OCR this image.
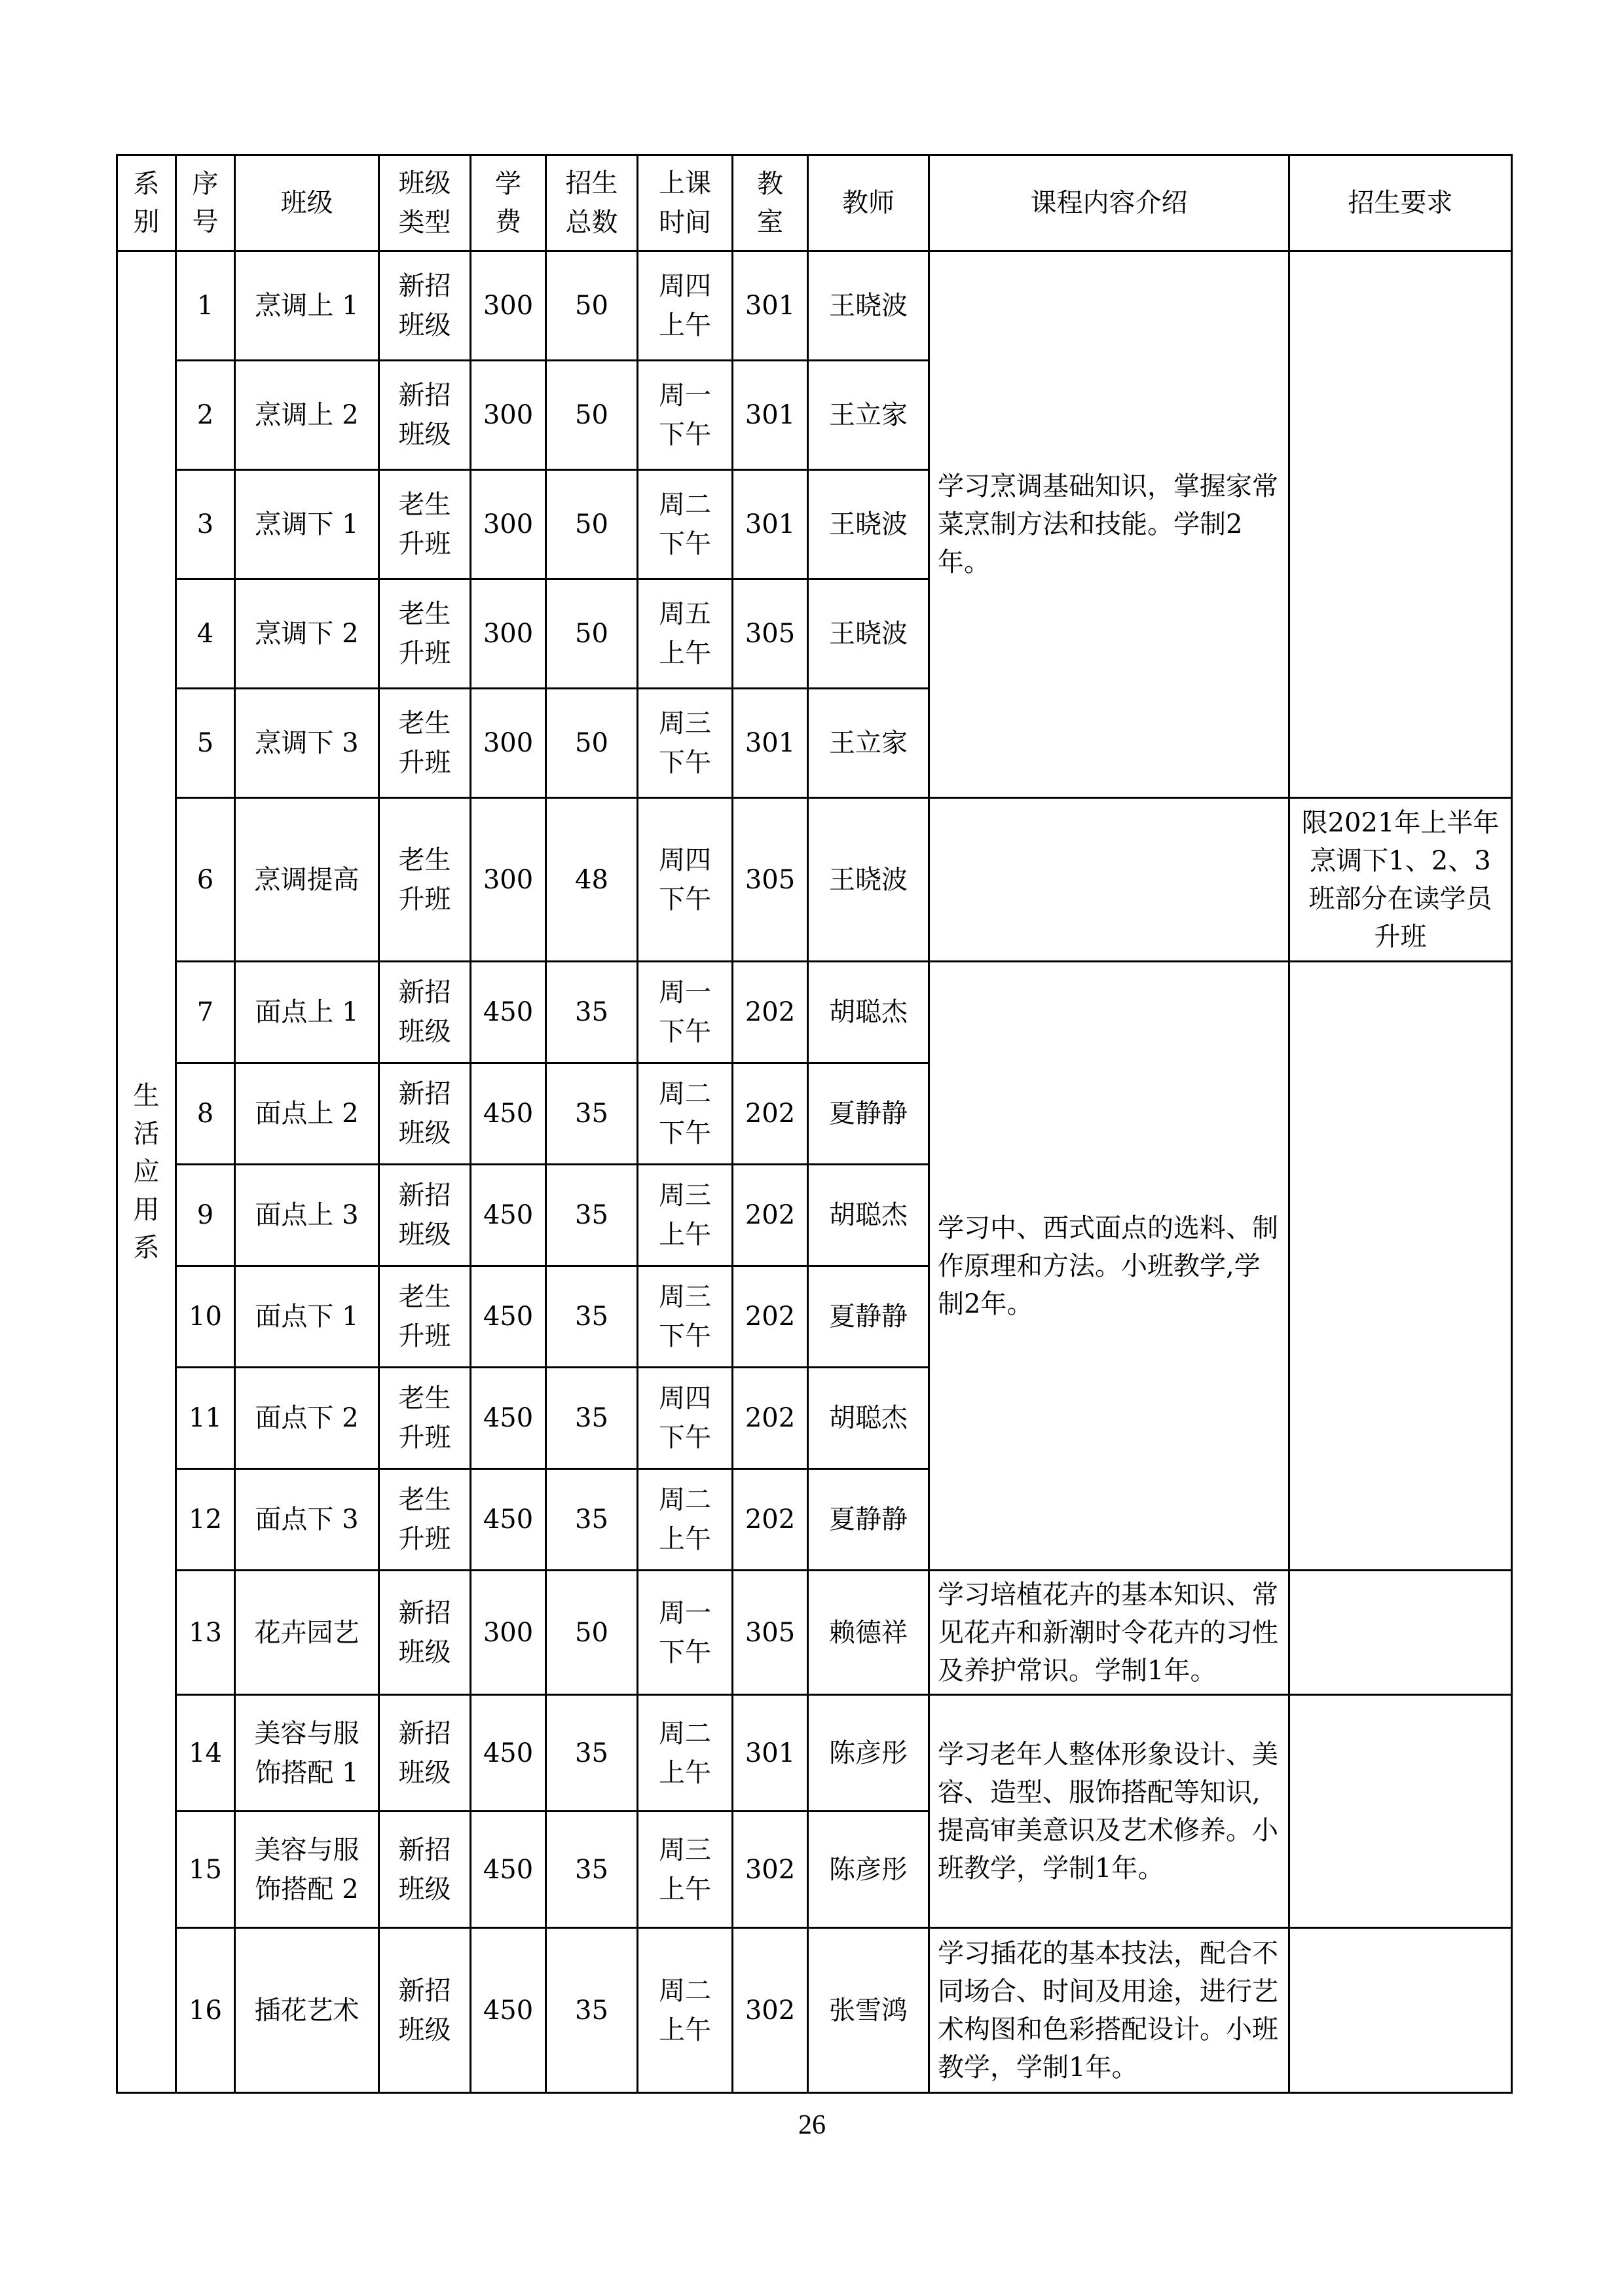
系别	序号	班级	班级类型	学费	招生总数	上课时间	教室	教师	课程内容介绍	招生要求
生活应用系	1	烹调上 1	新招班级	300	50	周四上午	301	王晓波	学习烹调基础知识，掌握家常菜烹制方法和技能。学制2年。	
	2	烹调上 2	新招班级	300	50	周一下午	301	王立家		
	3	烹调下 1	老生升班	300	50	周二下午	301	王晓波		
	4	烹调下 2	老生升班	300	50	周五上午	305	王晓波		
	5	烹调下 3	老生升班	300	50	周三下午	301	王立家		
	6	烹调提高	老生升班	300	48	周四下午	305	王晓波		限2021年上半年烹调下1、2、3班部分在读学员升班
	7	面点上 1	新招班级	450	35	周一下午	202	胡聪杰	学习中、西式面点的选料、制作原理和方法。小班教学,学制2年。	
	8	面点上 2	新招班级	450	35	周二下午	202	夏静静		
	9	面点上 3	新招班级	450	35	周三上午	202	胡聪杰		
	10	面点下 1	老生升班	450	35	周三下午	202	夏静静		
	11	面点下 2	老生升班	450	35	周四下午	202	胡聪杰		
	12	面点下 3	老生升班	450	35	周二上午	202	夏静静		
	13	花卉园艺	新招班级	300	50	周一下午	305	赖德祥	学习培植花卉的基本知识、常见花卉和新潮时令花卉的习性及养护常识。学制1年。	
	14	美容与服饰搭配 1	新招班级	450	35	周二上午	301	陈彦彤	学习老年人整体形象设计、美容、造型、服饰搭配等知识,提高审美意识及艺术修养。小班教学，学制1年。	
	15	美容与服饰搭配 2	新招班级	450	35	周三上午	302	陈彦彤		
	16	插花艺术	新招班级	450	35	周二上午	302	张雪鸿	学习插花的基本技法，配合不同场合、时间及用途，进行艺术构图和色彩搭配设计。小班教学，学制1年。	
26
